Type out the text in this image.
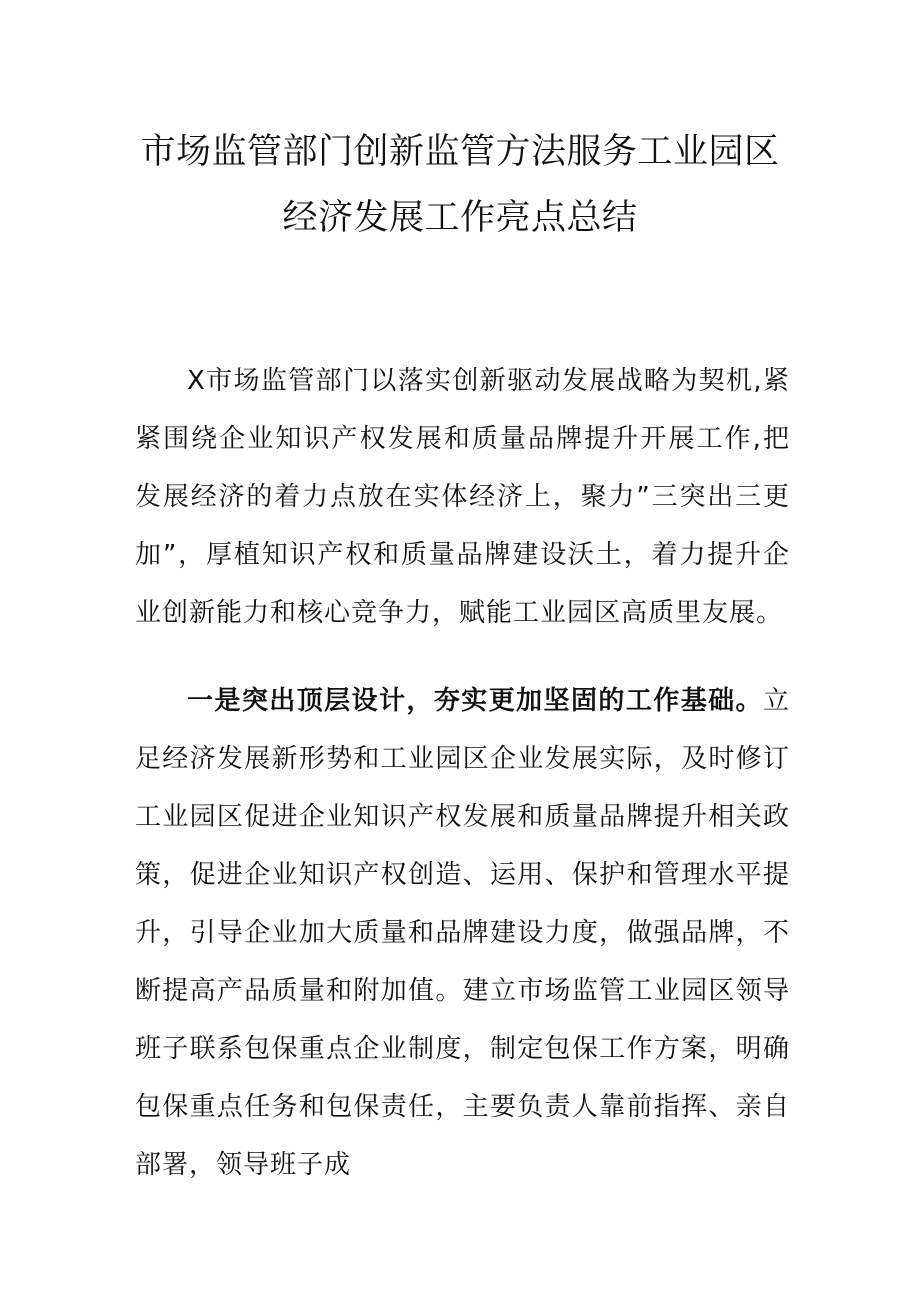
市场监管部门创新监管方法服务工业园区
经济发展工作亮点总结

X市场监管部门以落实创新驱动发展战略为契机,紧紧围绕企业知识产权发展和质量品牌提升开展工作,把发展经济的着力点放在实体经济上，聚力”三突出三更加”，厚植知识产权和质量品牌建设沃土，着力提升企业创新能力和核心竞争力，赋能工业园区高质里友展。

一是突出顶层设计，夯实更加坚固的工作基础。立足经济发展新形势和工业园区企业发展实际，及时修订工业园区促进企业知识产权发展和质量品牌提升相关政策，促进企业知识产权创造、运用、保护和管理水平提升，引导企业加大质量和品牌建设力度，做强品牌，不断提高产品质量和附加值。建立市场监管工业园区领导班子联系包保重点企业制度，制定包保工作方案，明确包保重点任务和包保责任，主要负责人靠前指挥、亲自部署，领导班子成
